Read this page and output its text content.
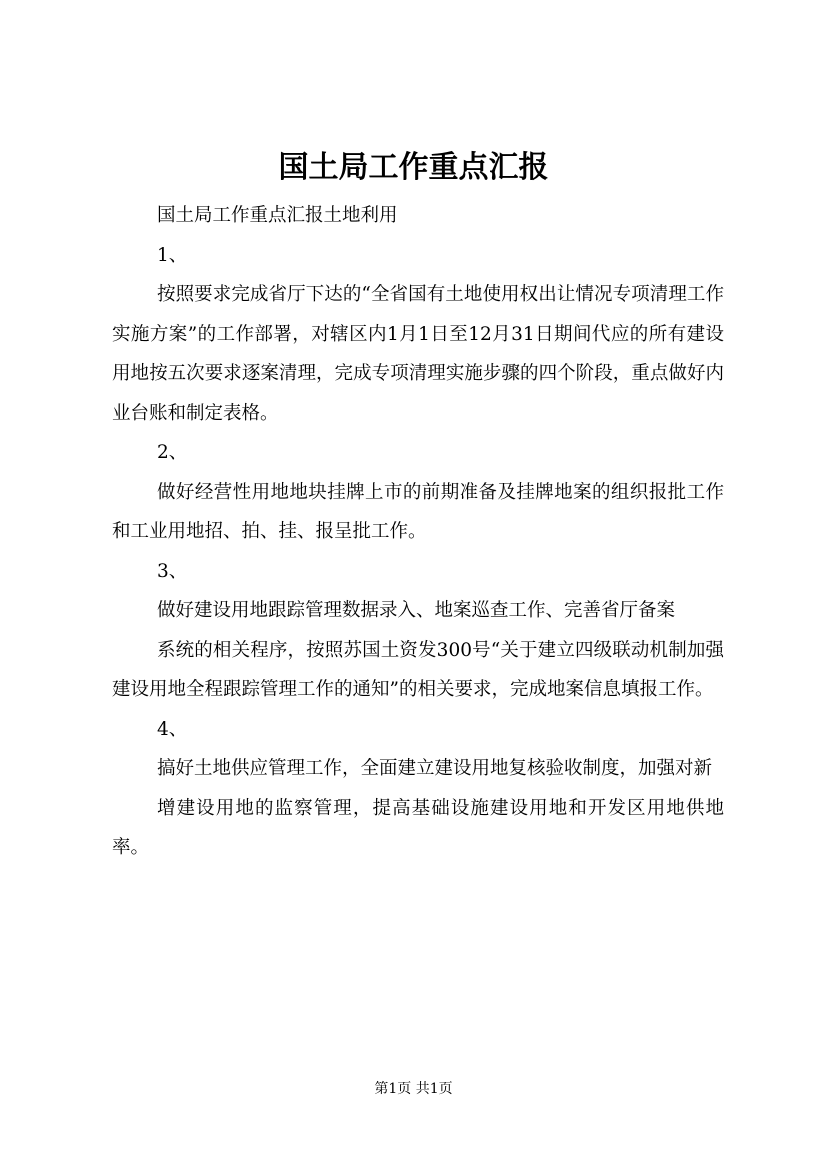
国土局工作重点汇报

国土局工作重点汇报土地利用

1、

按照要求完成省厅下达的“全省国有土地使用权出让情况专项清理工作实施方案”的工作部署，对辖区内1月1日至12月31日期间代应的所有建设用地按五次要求逐案清理，完成专项清理实施步骤的四个阶段，重点做好内业台账和制定表格。

2、

做好经营性用地地块挂牌上市的前期准备及挂牌地案的组织报批工作和工业用地招、拍、挂、报呈批工作。

3、

做好建设用地跟踪管理数据录入、地案巡查工作、完善省厅备案

系统的相关程序，按照苏国土资发300号“关于建立四级联动机制加强建设用地全程跟踪管理工作的通知”的相关要求，完成地案信息填报工作。

4、

搞好土地供应管理工作，全面建立建设用地复核验收制度，加强对新

增建设用地的监察管理，提高基础设施建设用地和开发区用地供地率。

第1页 共1页
